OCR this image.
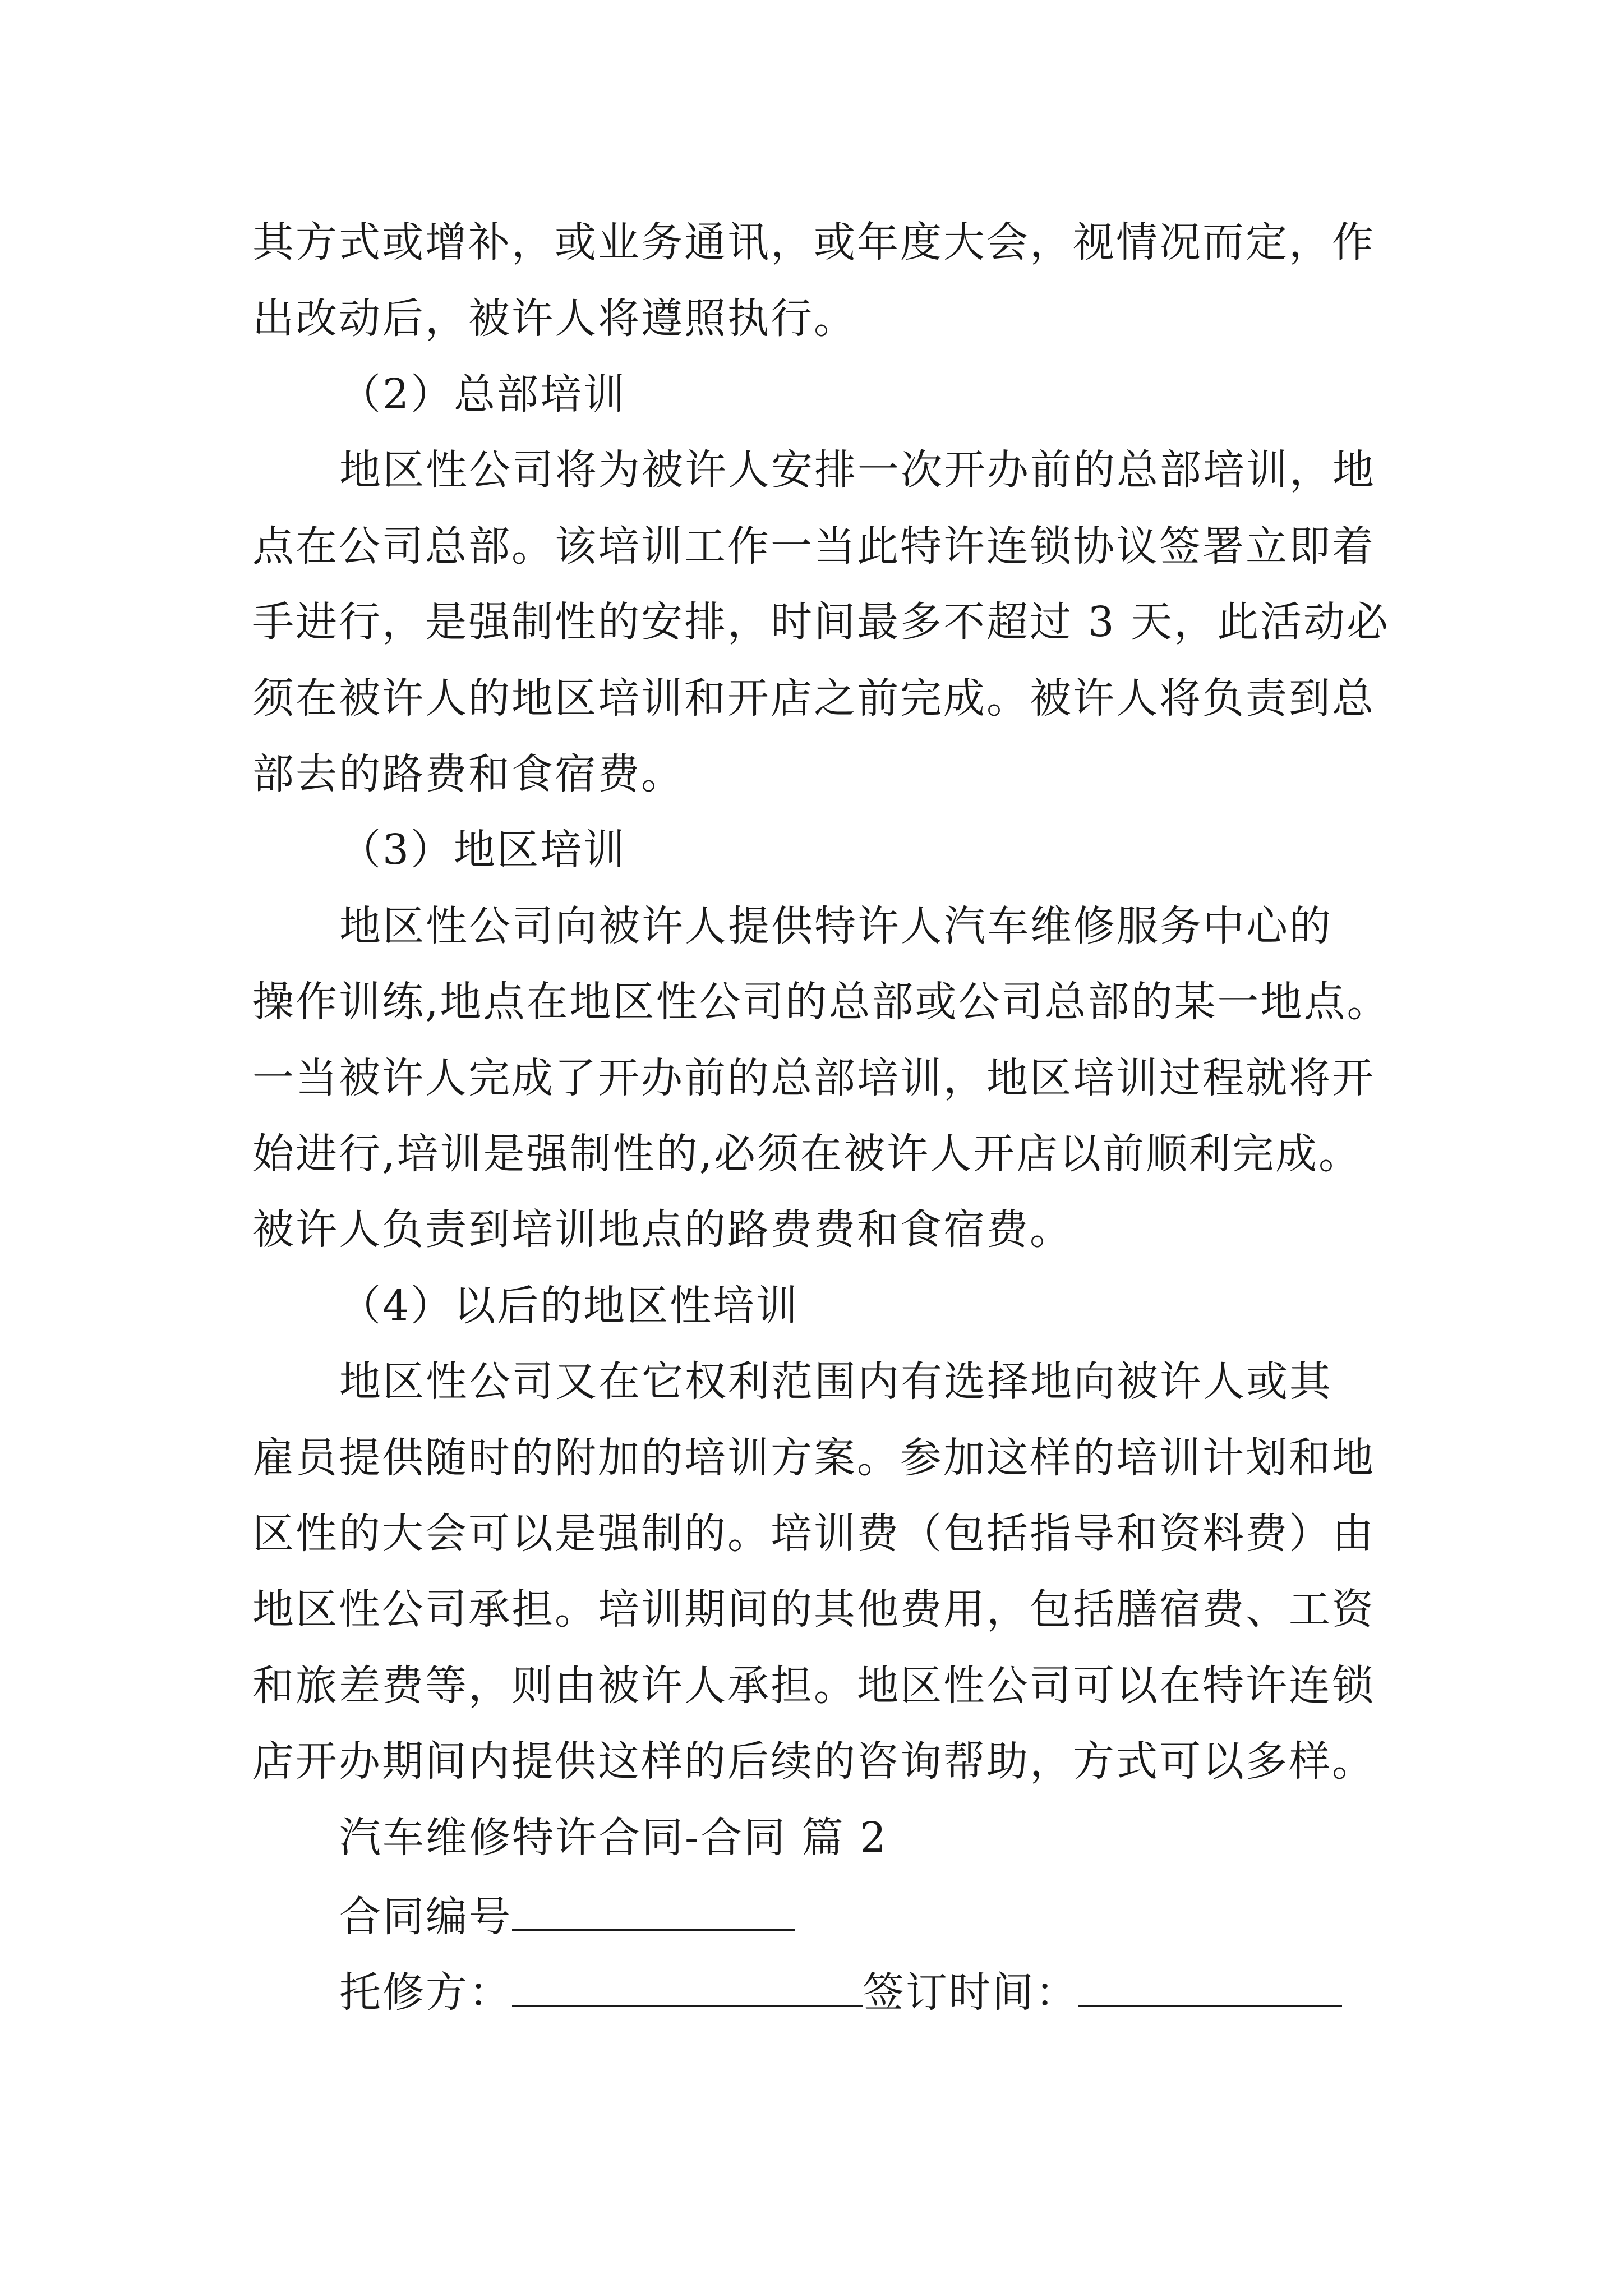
其方式或增补，或业务通讯，或年度大会，视情况而定，作
出改动后，被许人将遵照执行。
（2）总部培训
地区性公司将为被许人安排一次开办前的总部培训，地
点在公司总部。该培训工作一当此特许连锁协议签署立即着
手进行，是强制性的安排，时间最多不超过 3 天，此活动必
须在被许人的地区培训和开店之前完成。被许人将负责到总
部去的路费和食宿费。
（3）地区培训
地区性公司向被许人提供特许人汽车维修服务中心的
操作训练,地点在地区性公司的总部或公司总部的某一地点。
一当被许人完成了开办前的总部培训，地区培训过程就将开
始进行,培训是强制性的,必须在被许人开店以前顺利完成。
被许人负责到培训地点的路费费和食宿费。
（4）以后的地区性培训
地区性公司又在它权利范围内有选择地向被许人或其
雇员提供随时的附加的培训方案。参加这样的培训计划和地
区性的大会可以是强制的。培训费（包括指导和资料费）由
地区性公司承担。培训期间的其他费用，包括膳宿费、工资
和旅差费等，则由被许人承担。地区性公司可以在特许连锁
店开办期间内提供这样的后续的咨询帮助，方式可以多样。
汽车维修特许合同-合同 篇 2
合同编号
托修方：	签订时间：
